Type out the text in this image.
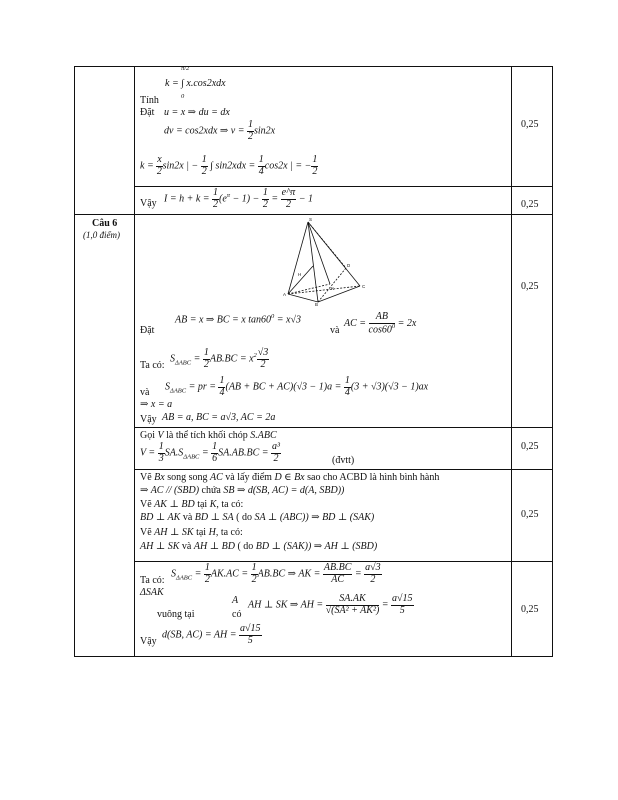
π/2
k = ∫ x.cos2xdx
0
Tính
Đặt u = x ⇒ du = dx
dv = cos2xdx ⇒ $v = \frac{1}{2} \sin 2x$
$k = \frac{x}{2} \sin 2x$ | − $\frac{1}{2}$ ∫ $\sin 2xdx = \frac{1}{4} \cos 2x$ | = − $\frac{1}{2}$
0,25
Vậy $I = h + k = \frac{1}{2} (e^\pi - 1) - \frac{1}{2} = \frac{e\^{}\pi}{2} - 1$
0,25
Câu 6
(1,0 điểm)
S
A
K
H
B
C
D
Đặt
AB = x ⇒ BC = x $\tan 60^0 = x√3$
và
AC = $\frac{AB}{\cos 60^0} = 2x$
Ta có:
$S_{\Delta ABC} = \frac{1}{2} AB.BC = x^2 \frac{√3}{2}$
$S_{\Delta ABC}$ = pr = $\frac{1}{4} (AB$ + BC + $AC)(√3 - 1)a = \frac{1}{4} (3 + √3)(√3 - 1)ax$
và
⇒ x = a
Vậy AB = a, BC = a√3, AC = 2a
0,25
Gọi V là thể tích khối chóp S.ABC
$V = \frac{1}{3} SA.S_{\Delta ABC} = \frac{1}{6} SA.AB.BC = \frac{\text{a³}}{2}$	(đvtt)
0,25
Vẽ Bx song song AC và lấy điểm D ∈ Bx sao cho ACBD là hình bình hành
⇒ AC // (SBD) chứa SB ⇒ d(SB, AC) = d(A, SBD))
Vẽ AK ⊥ BD tại K, ta có:
BD ⊥ AK và BD ⊥ SA ( do SA ⊥ (ABC)) ⇒ BD ⊥ (SAK)
Vẽ AH ⊥ SK tại H, ta có:
AH ⊥ SK và AH ⊥ BD ( do BD ⊥ (SAK)) ⇒ AH ⊥ (SBD)
0,25
Ta có:
$S_{\Delta ABC} = \frac{1}{2} AK.AC = \frac{1}{2} AB.BC$ ⇒ AK = $\frac{AB.BC}{AC} = \frac{a√3}{2}$
ΔSAK
A
vuông tại	có
AH ⊥ SK ⇒ AH = $\frac{SA.AK}{\text{√(SA² + AK²)}} = \frac{a√15}{5}$
Vậy
d(SB, AC) = AH = $\frac{a√15}{5}$
0,25
